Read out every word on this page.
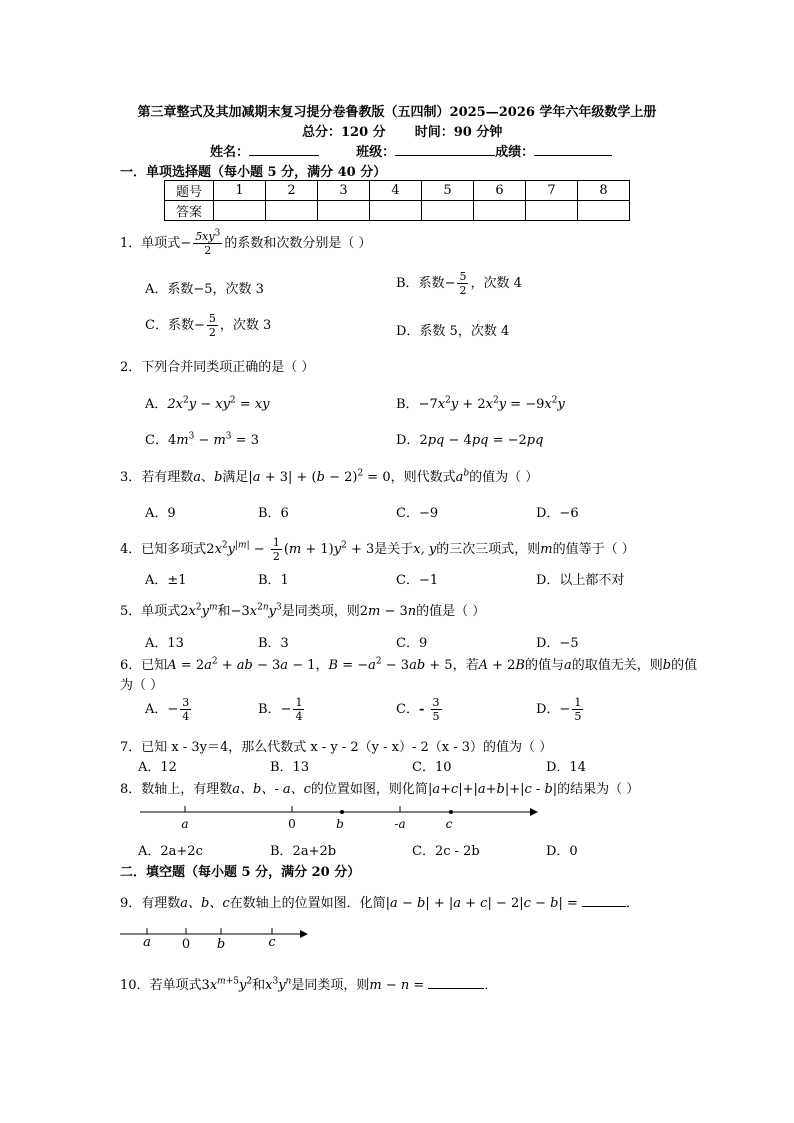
第三章整式及其加减期末复习提分卷鲁教版（五四制）2025—2026 学年六年级数学上册
总分：120 分 时间：90 分钟
姓名：	班级：	成绩：
一．单项选择题（每小题 5 分，满分 40 分）
题号	1	2	3	4	5	6	7	8
答案								
1．单项式− $\frac{5xy^3}{2}$ 的系数和次数分别是（ ）
A．系数−5，次数 3	B．系数− $\frac{5}{2}$ ，次数 4
C．系数− $\frac{5}{2}$ ，次数 3	D．系数 5，次数 4
2．下列合并同类项正确的是（ ）
A．$2x^2y - xy^2$ = xy	B．$-7x^2y + 2x^2y = -9x^2y$
C．$4m^3 - m^3 = 3$	D．2pq − 4pq = −2pq
3．若有理数a、b满足$|a + 3| + (b - 2)^2 = 0$，则代数式$a^b$的值为（ ）
A．9	B．6	C．−9	D．−6
4．已知多项式$2x^2y^{|m|} - \frac{1}{2} (m + 1)y^2 + 3$是关于x, y的三次三项式，则m的值等于（ ）
A．±1	B．1	C．−1	D．以上都不对
5．单项式$2x^2y^m$和$-3x^{2n}y^3$是同类项，则2m − 3n的值是（ ）
A．13	B．3	C．9	D．−5
6．已知$A = 2a^2$ + ab − 3a − 1，$B = -a^2 - 3ab + 5$，若A + 2B的值与a的取值无关，则b的值
为（ ）
A．− $\frac{3}{4}$	B．− $\frac{1}{4}$	C．- $\frac{3}{5}$	D．− $\frac{1}{5}$
7．已知 x - 3y＝4，那么代数式 x - y - 2（y - x）- 2（x - 3）的值为（ ）
A．12	B．13	C．10	D．14
8．数轴上，有理数a、b、- a、c的位置如图，则化简|a+c|+|a+b|+|c - b|的结果为（ ）
a	0	b	-a	c
a 0 b	c
A．2a+2c	B．2a+2b	C．2c - 2b	D．0
二．填空题（每小题 5 分，满分 20 分）
9．有理数a、b、c在数轴上的位置如图．化简|a − b| + |a + c| − 2|c − b| =	．
10．若单项式$3x^{m+5}y^2$和$x^3y^n$是同类项，则m − n =	．
